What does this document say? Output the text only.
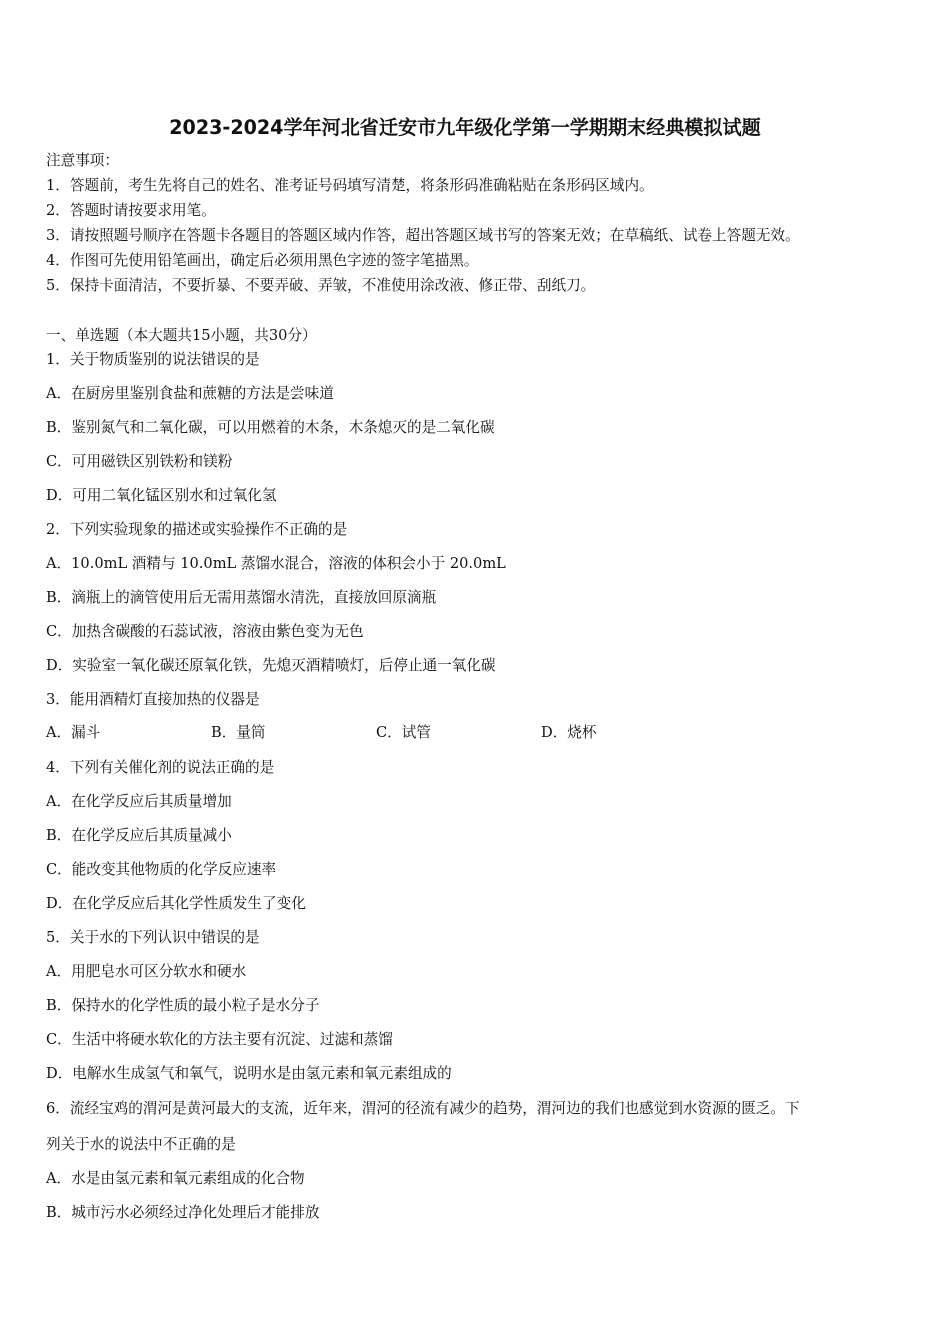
2023-2024学年河北省迁安市九年级化学第一学期期末经典模拟试题
注意事项：
1．答题前，考生先将自己的姓名、准考证号码填写清楚，将条形码准确粘贴在条形码区域内。
2．答题时请按要求用笔。
3．请按照题号顺序在答题卡各题目的答题区域内作答，超出答题区域书写的答案无效；在草稿纸、试卷上答题无效。
4．作图可先使用铅笔画出，确定后必须用黑色字迹的签字笔描黑。
5．保持卡面清洁，不要折暴、不要弄破、弄皱，不准使用涂改液、修正带、刮纸刀。
一、单选题（本大题共15小题，共30分）
1．关于物质鉴别的说法错误的是
A．在厨房里鉴别食盐和蔗糖的方法是尝味道
B．鉴别氮气和二氧化碳，可以用燃着的木条，木条熄灭的是二氧化碳
C．可用磁铁区别铁粉和镁粉
D．可用二氧化锰区别水和过氧化氢
2．下列实验现象的描述或实验操作不正确的是
A．10.0mL 酒精与 10.0mL 蒸馏水混合，溶液的体积会小于 20.0mL
B．滴瓶上的滴管使用后无需用蒸馏水清洗，直接放回原滴瓶
C．加热含碳酸的石蕊试液，溶液由紫色变为无色
D．实验室一氧化碳还原氧化铁，先熄灭酒精喷灯，后停止通一氧化碳
3．能用酒精灯直接加热的仪器是
A．漏斗	B．量筒	C．试管	D．烧杯
4．下列有关催化剂的说法正确的是
A．在化学反应后其质量增加
B．在化学反应后其质量减小
C．能改变其他物质的化学反应速率
D．在化学反应后其化学性质发生了变化
5．关于水的下列认识中错误的是
A．用肥皂水可区分软水和硬水
B．保持水的化学性质的最小粒子是水分子
C．生活中将硬水软化的方法主要有沉淀、过滤和蒸馏
D．电解水生成氢气和氧气，说明水是由氢元素和氧元素组成的
6．流经宝鸡的渭河是黄河最大的支流，近年来，渭河的径流有减少的趋势，渭河边的我们也感觉到水资源的匮乏。下
列关于水的说法中不正确的是
A．水是由氢元素和氧元素组成的化合物
B．城市污水必须经过净化处理后才能排放
